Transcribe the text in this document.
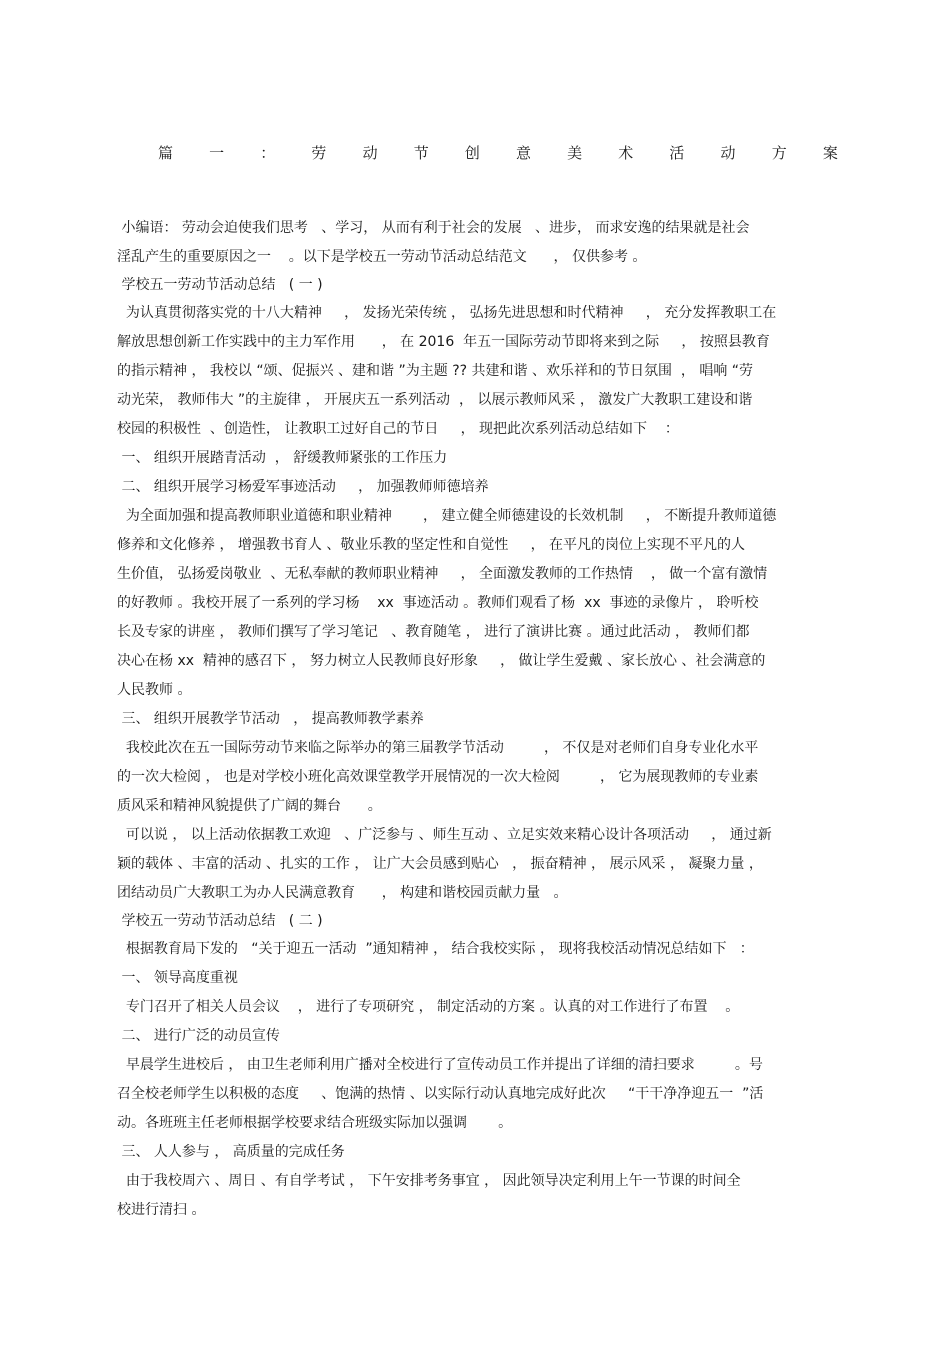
篇 一 ： 劳 动 节 创 意 美 术 活 动 方 案
小编语： 劳动会迫使我们思考   、学习， 从而有利于社会的发展   、进步， 而求安逸的结果就是社会
淫乱产生的重要原因之一    。以下是学校五一劳动节活动总结范文      ， 仅供参考 。
学校五一劳动节活动总结   ( 一 )
为认真贯彻落实党的十八大精神     ， 发扬光荣传统 ， 弘扬先进思想和时代精神     ， 充分发挥教职工在
解放思想创新工作实践中的主力军作用      ， 在 2016  年五一国际劳动节即将来到之际     ， 按照县教育
的指示精神 ， 我校以 “颂、促振兴 、建和谐 ”为主题 ?? 共建和谐 、欢乐祥和的节日氛围  ， 唱响 “劳
动光荣， 教师伟大 ”的主旋律 ， 开展庆五一系列活动  ， 以展示教师风采 ， 激发广大教职工建设和谐
校园的积极性  、创造性， 让教职工过好自己的节日     ， 现把此次系列活动总结如下    ：
一、 组织开展踏青活动  ， 舒缓教师紧张的工作压力
二、 组织开展学习杨爱军事迹活动     ， 加强教师师德培养
为全面加强和提高教师职业道德和职业精神       ， 建立健全师德建设的长效机制     ， 不断提升教师道德
修养和文化修养 ， 增强教书育人 、敬业乐教的坚定性和自觉性     ， 在平凡的岗位上实现不平凡的人
生价值， 弘扬爱岗敬业  、无私奉献的教师职业精神     ， 全面激发教师的工作热情    ， 做一个富有激情
的好教师 。我校开展了一系列的学习杨    xx  事迹活动 。教师们观看了杨  xx  事迹的录像片 ， 聆听校
长及专家的讲座 ， 教师们撰写了学习笔记   、教育随笔 ， 进行了演讲比赛 。通过此活动 ， 教师们都
决心在杨 xx  精神的感召下 ， 努力树立人民教师良好形象     ， 做让学生爱戴 、家长放心 、社会满意的
人民教师 。
三、 组织开展教学节活动   ， 提高教师教学素养
我校此次在五一国际劳动节来临之际举办的第三届教学节活动         ， 不仅是对老师们自身专业化水平
的一次大检阅 ， 也是对学校小班化高效课堂教学开展情况的一次大检阅         ， 它为展现教师的专业素
质风采和精神风貌提供了广阔的舞台      。
可以说 ， 以上活动依据教工欢迎   、广泛参与 、师生互动 、立足实效来精心设计各项活动     ， 通过新
颖的载体 、丰富的活动 、扎实的工作 ， 让广大会员感到贴心   ， 振奋精神 ， 展示风采 ， 凝聚力量 ，
团结动员广大教职工为办人民满意教育      ， 构建和谐校园贡献力量   。
学校五一劳动节活动总结   ( 二 )
根据教育局下发的   “关于迎五一活动  ”通知精神 ， 结合我校实际 ， 现将我校活动情况总结如下   ：
一、 领导高度重视
专门召开了相关人员会议    ， 进行了专项研究 ， 制定活动的方案 。认真的对工作进行了布置    。
二、 进行广泛的动员宣传
早晨学生进校后 ， 由卫生老师利用广播对全校进行了宣传动员工作并提出了详细的清扫要求         。号
召全校老师学生以积极的态度     、饱满的热情 、以实际行动认真地完成好此次     “干干净净迎五一  ”活
动。各班班主任老师根据学校要求结合班级实际加以强调       。
三、 人人参与 ， 高质量的完成任务
由于我校周六 、周日 、有自学考试 ， 下午安排考务事宜 ， 因此领导决定利用上午一节课的时间全
校进行清扫 。
